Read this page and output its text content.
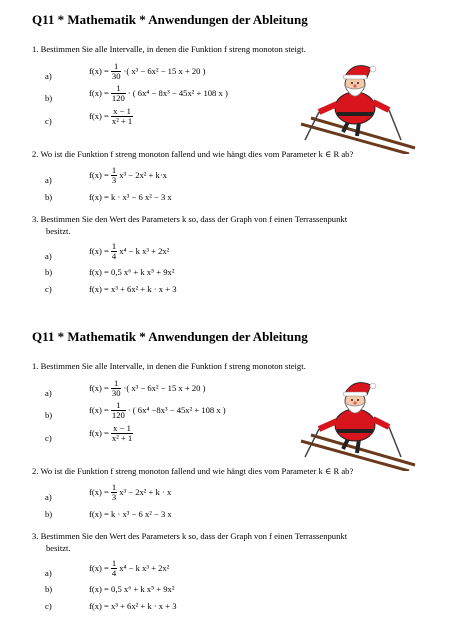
Q11 * Mathematik * Anwendungen der Ableitung
1. Bestimmen Sie alle Intervalle, in denen die Funktion f streng monoton steigt.
a)	$f(x) = \frac{1}{30}$ ·( x³ − 6x² − 15 x + 20 )
b)	$f(x) = \frac{1}{120}$ · ( 6x⁴ − 8x³ − 45x² + 108 x )
c)	$f(x) = \frac{x - 1}{\text{x² + 1}}$
2. Wo ist die Funktion f streng monoton fallend und wie hängt dies vom Parameter k ∈ R ab?
a)	$f(x) = \frac{1}{3} x^3 - 2x^2 + k\cdot x$
b)	f(x) = k · x³ − 6 x² − 3 x
3. Bestimmen Sie den Wert des Parameters k so, dass der Graph von f einen Terrassenpunkt
besitzt.
a)	$f(x) = \frac{1}{4} x^4 - k$ x³ + 2x²
b)	f(x) = 0,5 x⁶ + k x⁵ + 9x²
c)	f(x) = x³ + 6x² + k · x + 3
Q11 * Mathematik * Anwendungen der Ableitung
1. Bestimmen Sie alle Intervalle, in denen die Funktion f streng monoton steigt.
a)	$f(x) = \frac{1}{30}$ ·( x³ − 6x² − 15 x + 20 )
b)	$f(x) = \frac{1}{120}$ · ( 6x⁴ −8x³ − 45x² + 108 x )
c)	$f(x) = \frac{x - 1}{\text{x² + 1}}$
2. Wo ist die Funktion f streng monoton fallend und wie hängt dies vom Parameter k ∈ R ab?
a)	$f(x) = \frac{1}{3} x^3 - 2x^2 + k \cdot x$
b)	f(x) = k · x³ − 6 x² − 3 x
3. Bestimmen Sie den Wert des Parameters k so, dass der Graph von f einen Terrassenpunkt
besitzt.
a)	$f(x) = \frac{1}{4} x^4 - k$ x³ + 2x²
b)	f(x) = 0,5 x⁶ + k x⁵ + 9x²
c)	f(x) = x³ + 6x² + k · x + 3
